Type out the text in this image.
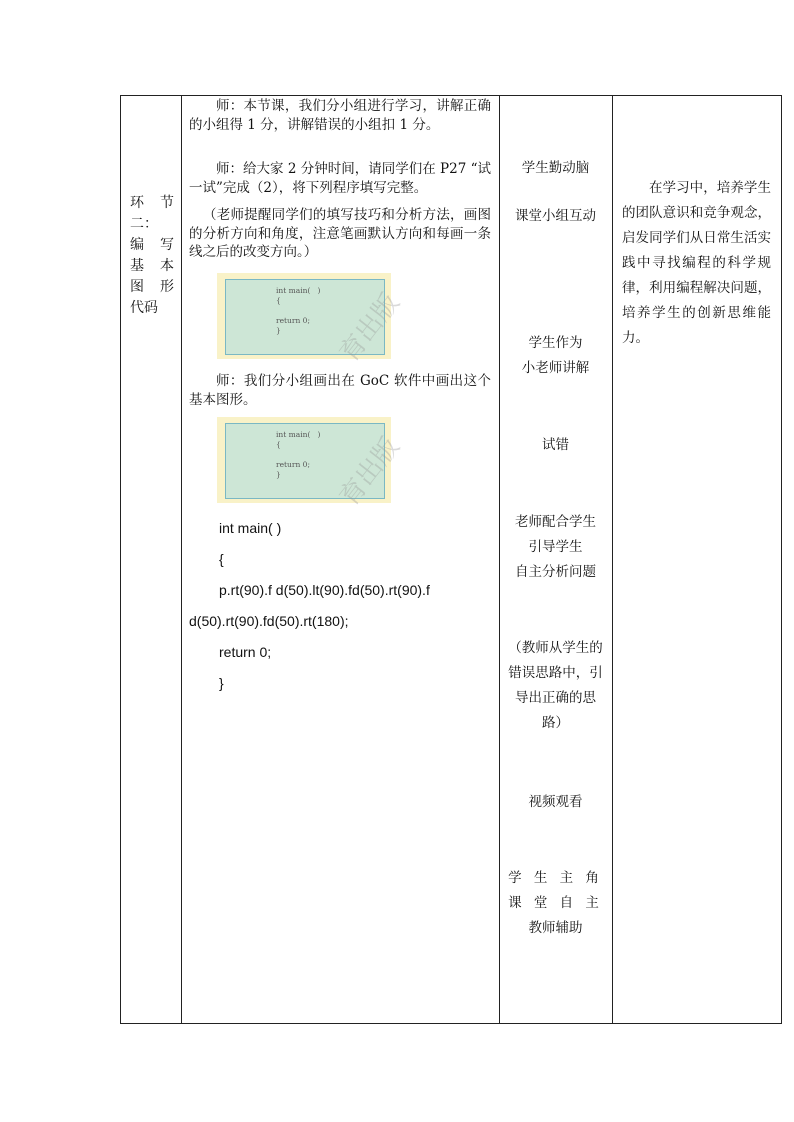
环 节
二：
编 写
基 本
图 形
代码

师：本节课，我们分小组进行学习，讲解正确的小组得 1 分，讲解错误的小组扣 1 分。

师：给大家 2 分钟时间，请同学们在 P27 “试一试”完成（2），将下列程序填写完整。

（老师提醒同学们的填写技巧和分析方法，画图的分析方向和角度，注意笔画默认方向和每画一条线之后的改变方向。）

int main(   )
{

return 0;
}	育出版

师：我们分小组画出在 GoC 软件中画出这个基本图形。

int main(   )
{

return 0;
}	育出版
int main( )
{
p.rt(90).f d(50).lt(90).fd(50).rt(90).f
d(50).rt(90).fd(50).rt(180);
return 0;
}
学生勤动脑
课堂小组互动
学生作为
小老师讲解
试错
老师配合学生
引导学生
自主分析问题
（教师从学生的
错误思路中，引
导出正确的思
路）
视频观看
学 生 主 角
课 堂 自 主
教师辅助

在学习中，培养学生的团队意识和竞争观念，启发同学们从日常生活实践中寻找编程的科学规律，利用编程解决问题，培养学生的创新思维能力。
